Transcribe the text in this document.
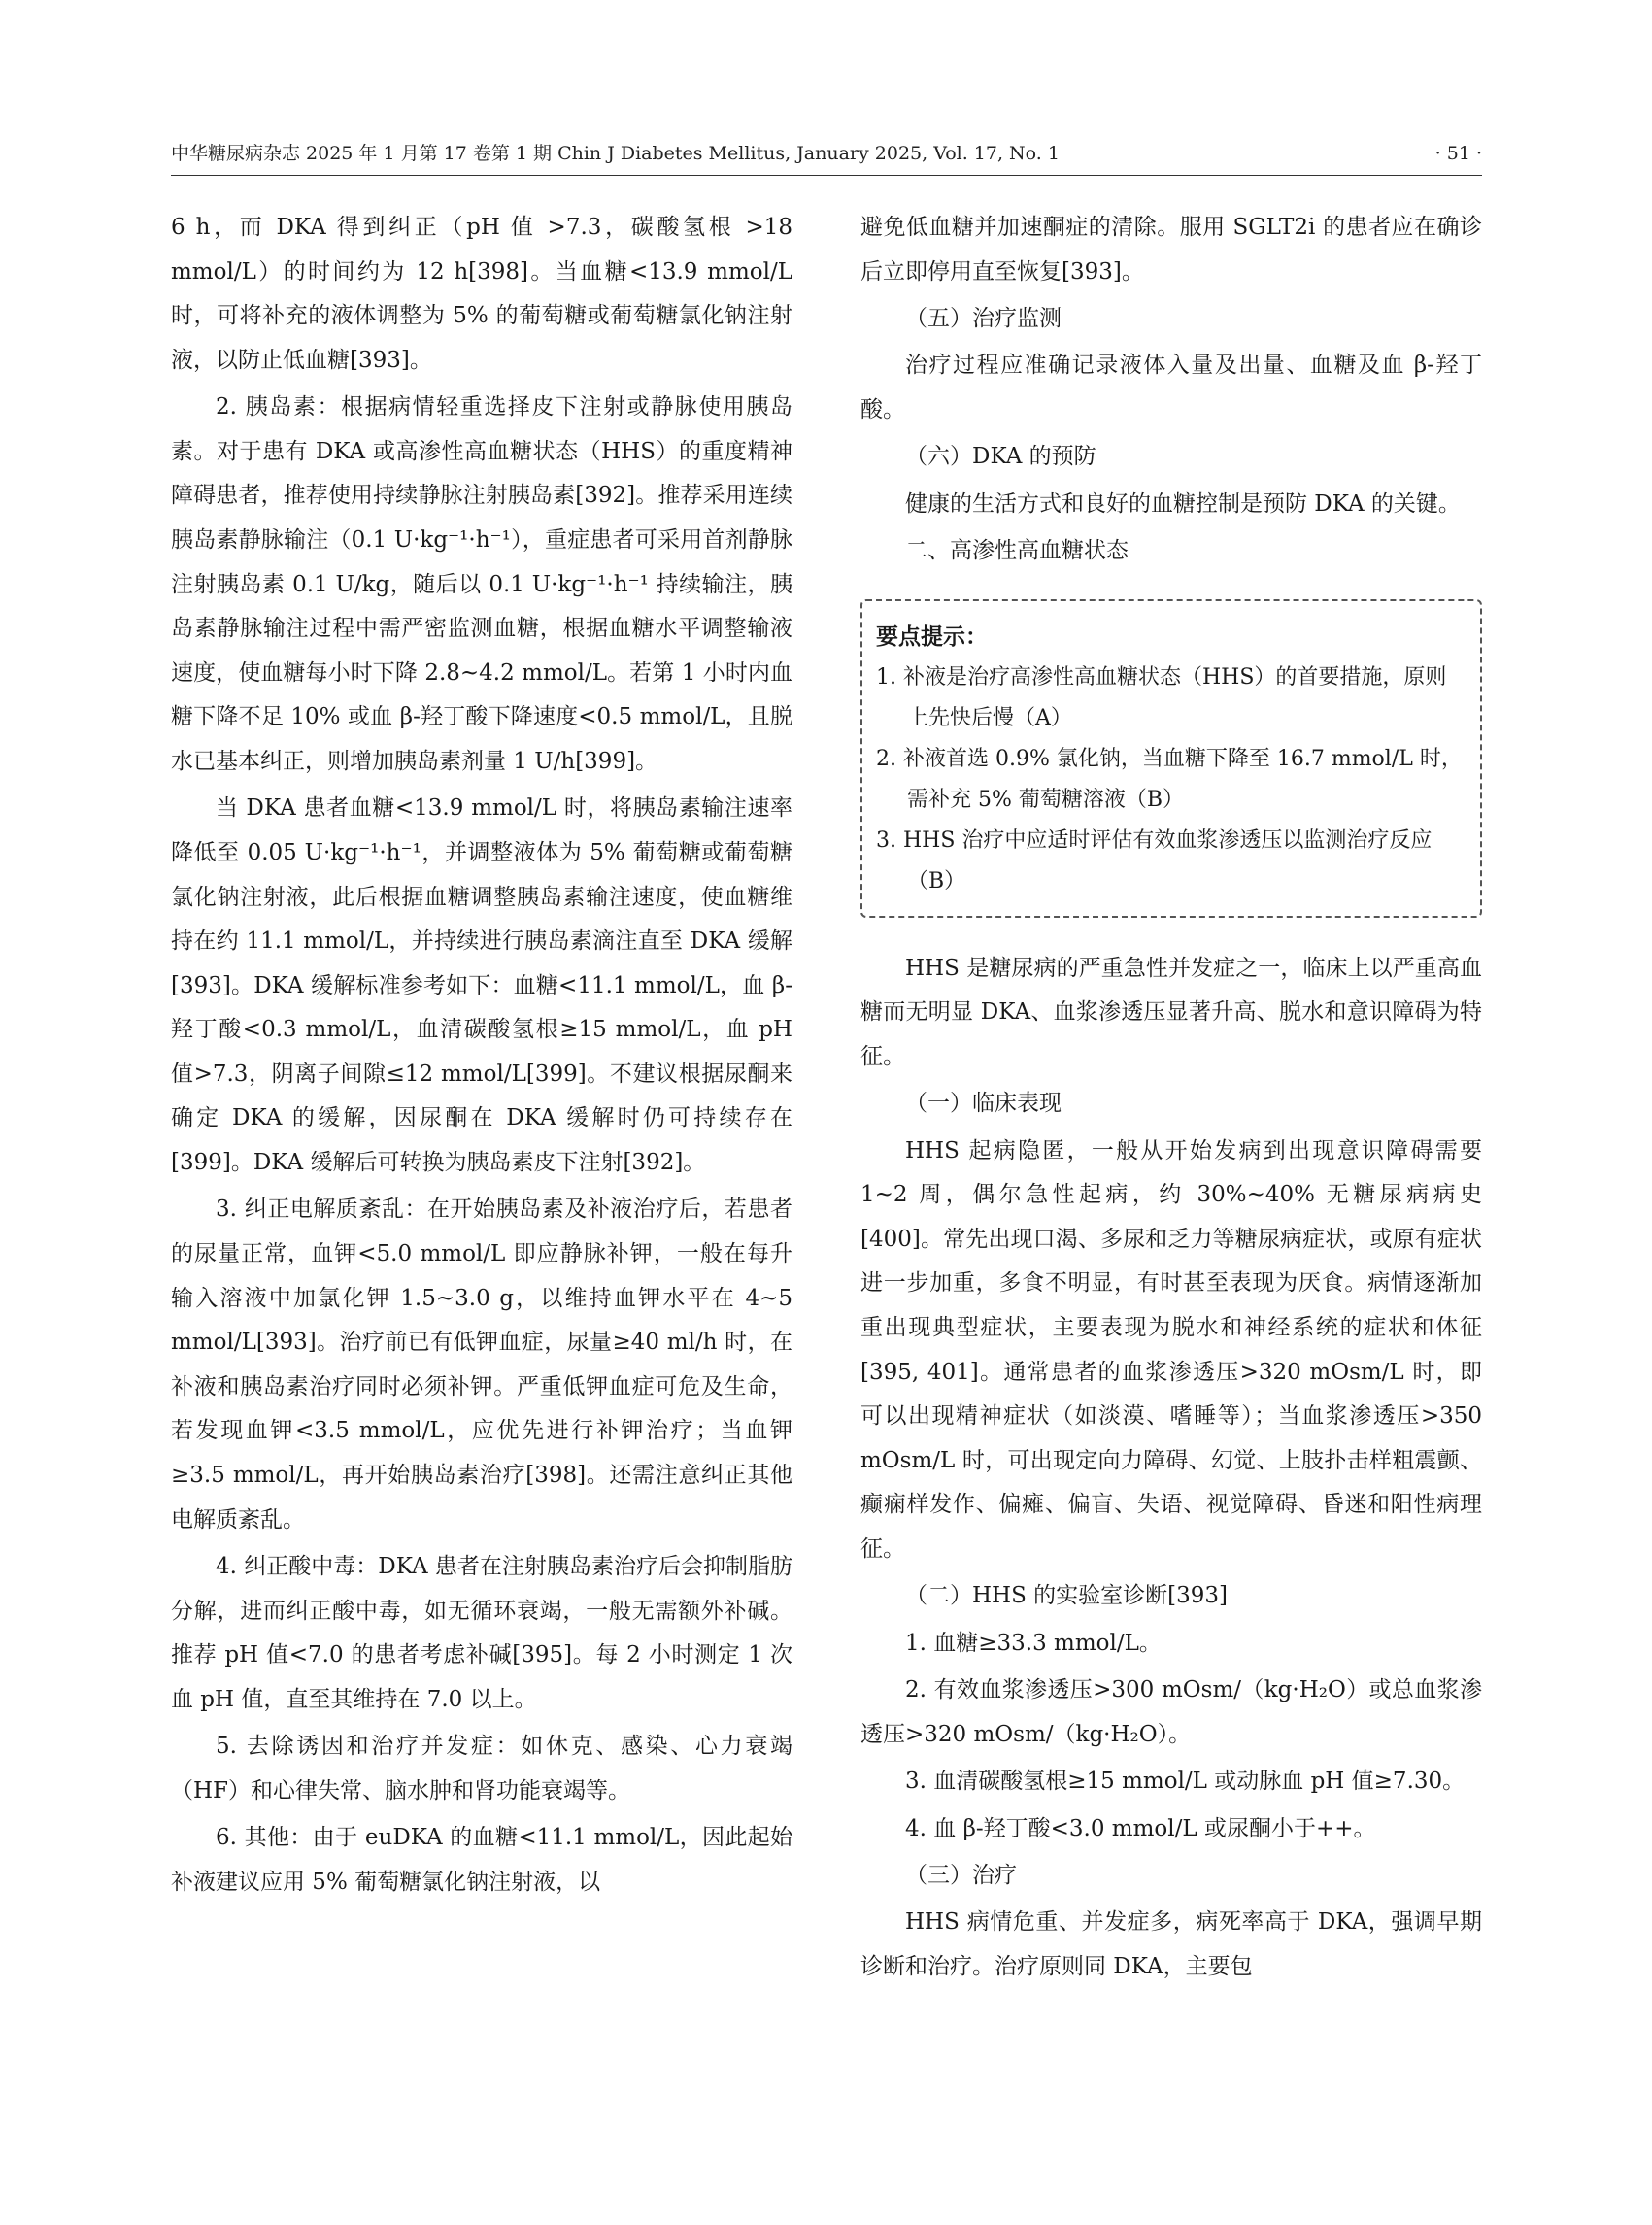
中华糖尿病杂志 2025 年 1 月第 17 卷第 1 期 Chin J Diabetes Mellitus, January 2025, Vol. 17, No. 1	· 51 ·

6 h，而 DKA 得到纠正（pH 值 >7.3，碳酸氢根 >18 mmol/L）的时间约为 12 h[398]。当血糖<13.9 mmol/L 时，可将补充的液体调整为 5% 的葡萄糖或葡萄糖氯化钠注射液，以防止低血糖[393]。

2. 胰岛素：根据病情轻重选择皮下注射或静脉使用胰岛素。对于患有 DKA 或高渗性高血糖状态（HHS）的重度精神障碍患者，推荐使用持续静脉注射胰岛素[392]。推荐采用连续胰岛素静脉输注（0.1 U·kg⁻¹·h⁻¹），重症患者可采用首剂静脉注射胰岛素 0.1 U/kg，随后以 0.1 U·kg⁻¹·h⁻¹ 持续输注，胰岛素静脉输注过程中需严密监测血糖，根据血糖水平调整输液速度，使血糖每小时下降 2.8~4.2 mmol/L。若第 1 小时内血糖下降不足 10% 或血 β-羟丁酸下降速度<0.5 mmol/L，且脱水已基本纠正，则增加胰岛素剂量 1 U/h[399]。

当 DKA 患者血糖<13.9 mmol/L 时，将胰岛素输注速率降低至 0.05 U·kg⁻¹·h⁻¹，并调整液体为 5% 葡萄糖或葡萄糖氯化钠注射液，此后根据血糖调整胰岛素输注速度，使血糖维持在约 11.1 mmol/L，并持续进行胰岛素滴注直至 DKA 缓解[393]。DKA 缓解标准参考如下：血糖<11.1 mmol/L，血 β-羟丁酸<0.3 mmol/L，血清碳酸氢根≥15 mmol/L，血 pH 值>7.3，阴离子间隙≤12 mmol/L[399]。不建议根据尿酮来确定 DKA 的缓解，因尿酮在 DKA 缓解时仍可持续存在[399]。DKA 缓解后可转换为胰岛素皮下注射[392]。

3. 纠正电解质紊乱：在开始胰岛素及补液治疗后，若患者的尿量正常，血钾<5.0 mmol/L 即应静脉补钾，一般在每升输入溶液中加氯化钾 1.5~3.0 g，以维持血钾水平在 4~5 mmol/L[393]。治疗前已有低钾血症，尿量≥40 ml/h 时，在补液和胰岛素治疗同时必须补钾。严重低钾血症可危及生命，若发现血钾<3.5 mmol/L，应优先进行补钾治疗；当血钾≥3.5 mmol/L，再开始胰岛素治疗[398]。还需注意纠正其他电解质紊乱。

4. 纠正酸中毒：DKA 患者在注射胰岛素治疗后会抑制脂肪分解，进而纠正酸中毒，如无循环衰竭，一般无需额外补碱。推荐 pH 值<7.0 的患者考虑补碱[395]。每 2 小时测定 1 次血 pH 值，直至其维持在 7.0 以上。

5. 去除诱因和治疗并发症：如休克、感染、心力衰竭（HF）和心律失常、脑水肿和肾功能衰竭等。

6. 其他：由于 euDKA 的血糖<11.1 mmol/L，因此起始补液建议应用 5% 葡萄糖氯化钠注射液，以

避免低血糖并加速酮症的清除。服用 SGLT2i 的患者应在确诊后立即停用直至恢复[393]。

（五）治疗监测

治疗过程应准确记录液体入量及出量、血糖及血 β-羟丁酸。

（六）DKA 的预防

健康的生活方式和良好的血糖控制是预防 DKA 的关键。

二、高渗性高血糖状态

要点提示：

1. 补液是治疗高渗性高血糖状态（HHS）的首要措施，原则上先快后慢（A）

2. 补液首选 0.9% 氯化钠，当血糖下降至 16.7 mmol/L 时，需补充 5% 葡萄糖溶液（B）

3. HHS 治疗中应适时评估有效血浆渗透压以监测治疗反应（B）

HHS 是糖尿病的严重急性并发症之一，临床上以严重高血糖而无明显 DKA、血浆渗透压显著升高、脱水和意识障碍为特征。

（一）临床表现

HHS 起病隐匿，一般从开始发病到出现意识障碍需要 1~2 周，偶尔急性起病，约 30%~40% 无糖尿病病史[400]。常先出现口渴、多尿和乏力等糖尿病症状，或原有症状进一步加重，多食不明显，有时甚至表现为厌食。病情逐渐加重出现典型症状，主要表现为脱水和神经系统的症状和体征[395, 401]。通常患者的血浆渗透压>320 mOsm/L 时，即可以出现精神症状（如淡漠、嗜睡等）；当血浆渗透压>350 mOsm/L 时，可出现定向力障碍、幻觉、上肢扑击样粗震颤、癫痫样发作、偏瘫、偏盲、失语、视觉障碍、昏迷和阳性病理征。

（二）HHS 的实验室诊断[393]

1. 血糖≥33.3 mmol/L。

2. 有效血浆渗透压>300 mOsm/（kg·H₂O）或总血浆渗透压>320 mOsm/（kg·H₂O）。

3. 血清碳酸氢根≥15 mmol/L 或动脉血 pH 值≥7.30。

4. 血 β-羟丁酸<3.0 mmol/L 或尿酮小于++。

（三）治疗

HHS 病情危重、并发症多，病死率高于 DKA，强调早期诊断和治疗。治疗原则同 DKA，主要包
